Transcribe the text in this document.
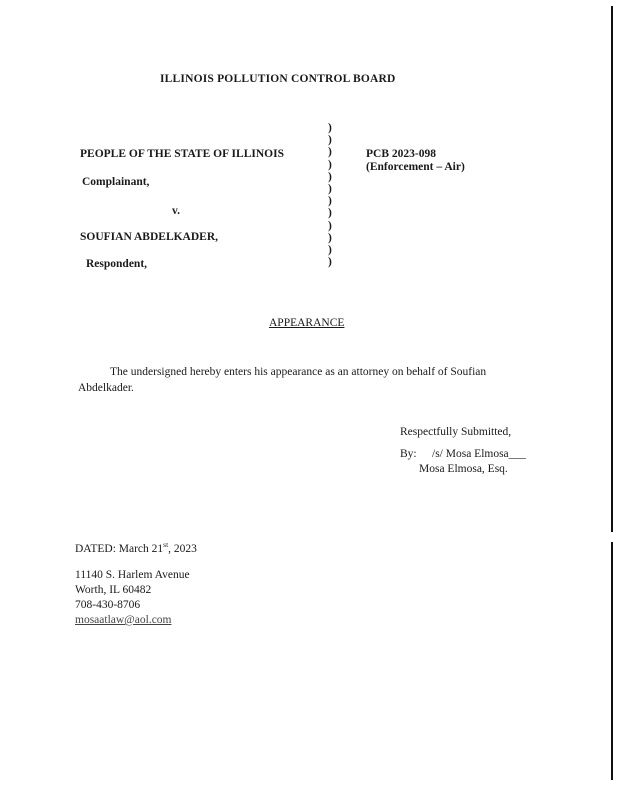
ILLINOIS POLLUTION CONTROL BOARD
)
)
)
)
)
)
)
)
)
)
)
)
PEOPLE OF THE STATE OF ILLINOIS
Complainant,
v.
SOUFIAN ABDELKADER,
Respondent,
PCB 2023-098
(Enforcement – Air)
APPEARANCE
The undersigned hereby enters his appearance as an attorney on behalf of Soufian Abdelkader.
Respectfully Submitted,
By: /s/ Mosa Elmosa___
Mosa Elmosa, Esq.
DATED: March 21st, 2023
11140 S. Harlem Avenue
Worth, IL 60482
708-430-8706
mosaatlaw@aol.com
